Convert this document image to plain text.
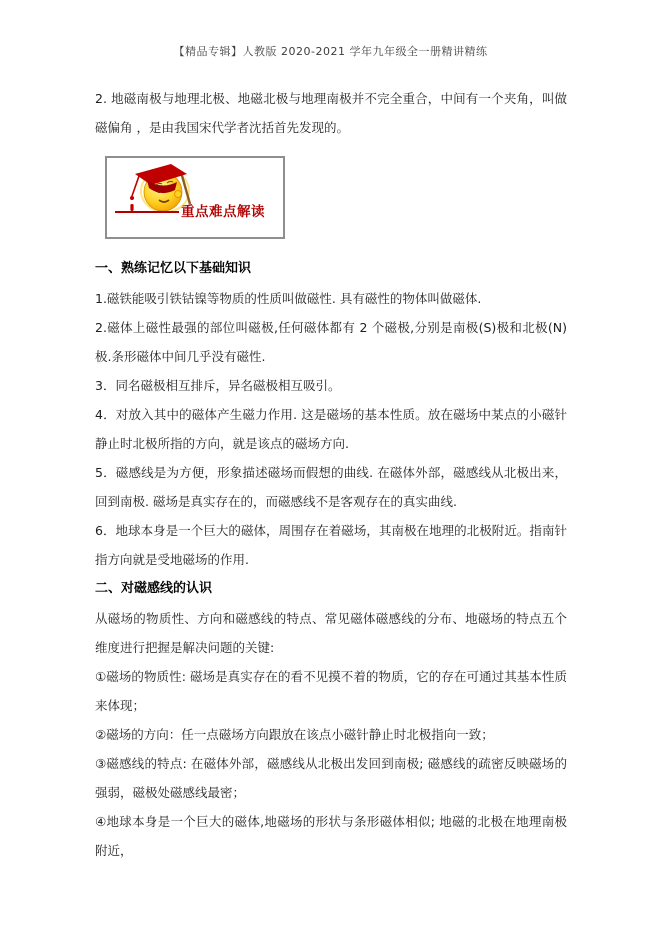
【精品专辑】人教版 2020-2021 学年九年级全一册精讲精练

2. 地磁南极与地理北极、地磁北极与地理南极并不完全重合，中间有一个夹角，叫做磁偏角 ，是由我国宋代学者沈括首先发现的。

重点难点解读
一、熟练记忆以下基础知识

1.磁铁能吸引铁钴镍等物质的性质叫做磁性. 具有磁性的物体叫做磁体.

2.磁体上磁性最强的部位叫磁极,任何磁体都有 2 个磁极,分别是南极(S)极和北极(N)极.条形磁体中间几乎没有磁性.

3．同名磁极相互排斥，异名磁极相互吸引。

4．对放入其中的磁体产生磁力作用. 这是磁场的基本性质。放在磁场中某点的小磁针静止时北极所指的方向，就是该点的磁场方向.

5．磁感线是为方便，形象描述磁场而假想的曲线. 在磁体外部，磁感线从北极出来，回到南极. 磁场是真实存在的，而磁感线不是客观存在的真实曲线.

6．地球本身是一个巨大的磁体，周围存在着磁场，其南极在地理的北极附近。指南针指方向就是受地磁场的作用.

二、对磁感线的认识

从磁场的物质性、方向和磁感线的特点、常见磁体磁感线的分布、地磁场的特点五个维度进行把握是解决问题的关键:

①磁场的物质性: 磁场是真实存在的看不见摸不着的物质，它的存在可通过其基本性质来体现；

②磁场的方向：任一点磁场方向跟放在该点小磁针静止时北极指向一致；

③磁感线的特点: 在磁体外部，磁感线从北极出发回到南极; 磁感线的疏密反映磁场的强弱，磁极处磁感线最密；

④地球本身是一个巨大的磁体,地磁场的形状与条形磁体相似; 地磁的北极在地理南极附近，
